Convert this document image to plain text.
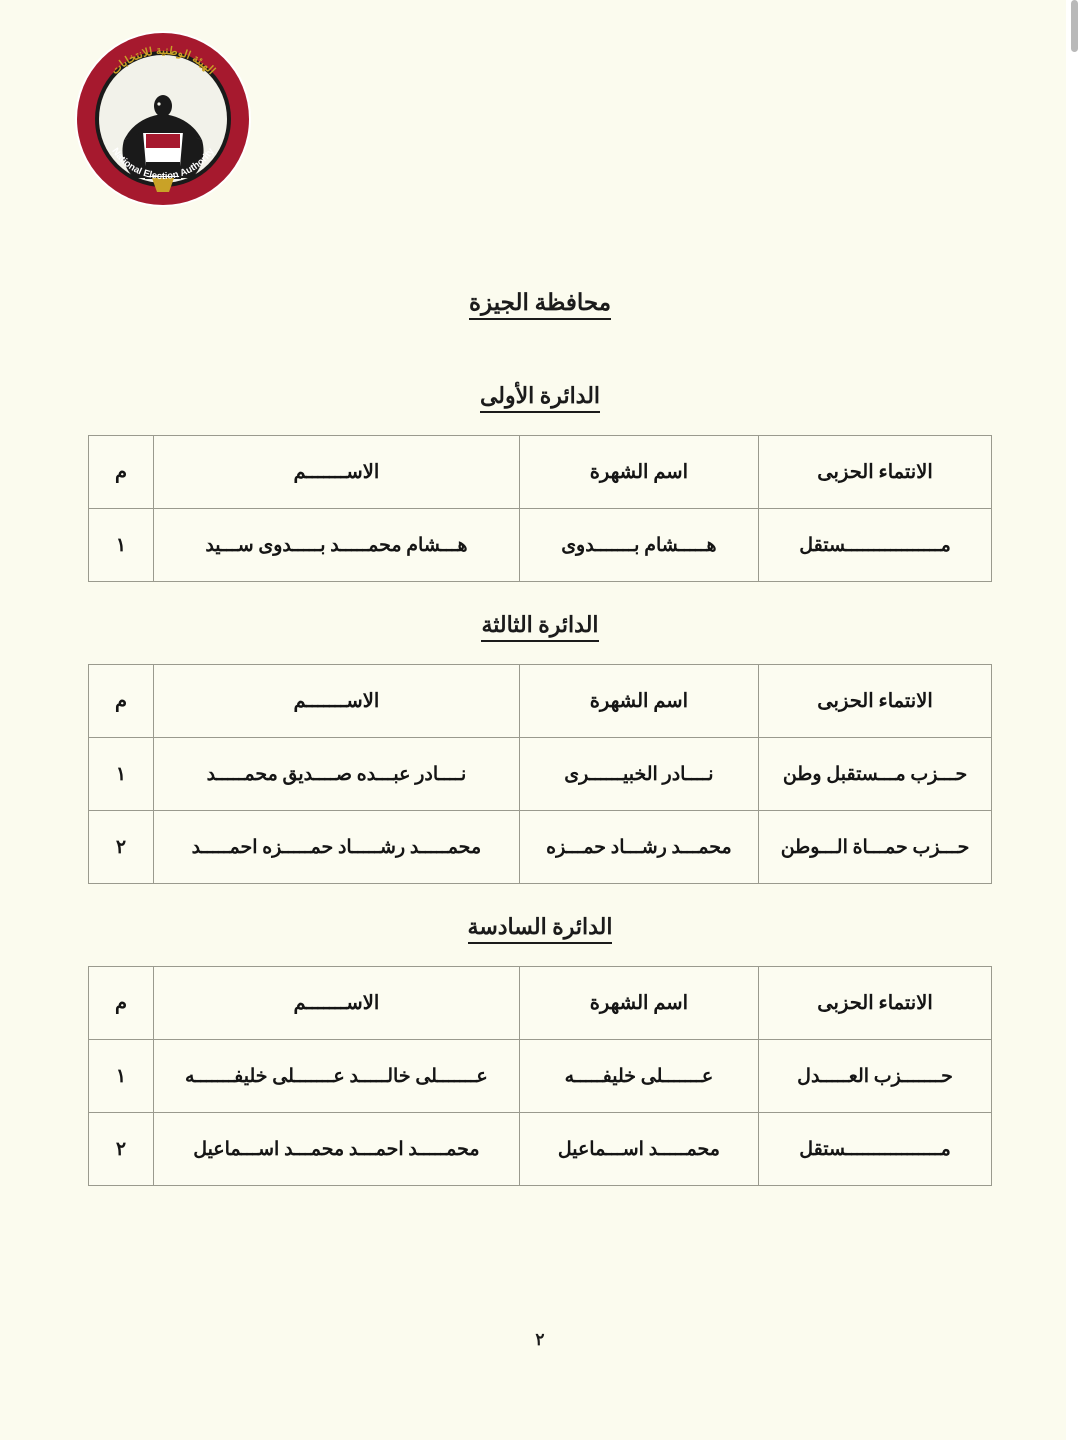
الهيئة الوطنية للانتخابات
National Election Authority
محافظة الجيزة
الدائرة الأولى
الانتماء الحزبى	اسم الشهرة	الاســـــــم	م
مـــــــــــــــــستقل	هـــــشام بـــــــدوى	هـــشام محمـــــد بـــــدوى ســـيد	١
الدائرة الثالثة
الانتماء الحزبى	اسم الشهرة	الاســـــــم	م
حـــزب مـــستقبل وطن	نــــادر الخبيــــــرى	نــــادر عبـــده صــــديق محمـــــد	١
حـــزب حمـــاة الـــوطن	محمـــد رشـــاد حمـــزه	محمـــــد رشـــــاد حمـــــزه احمـــــد	٢
الدائرة السادسة
الانتماء الحزبى	اسم الشهرة	الاســـــــم	م
حـــــــزب العـــــدل	عـــــــلى خليفـــــه	عـــــــلى خالـــــد عـــــــلى خليفـــــــه	١
مـــــــــــــــــستقل	محمـــــد اســـماعيل	محمـــــد احمـــد محمـــد اســـماعيل	٢
٢
